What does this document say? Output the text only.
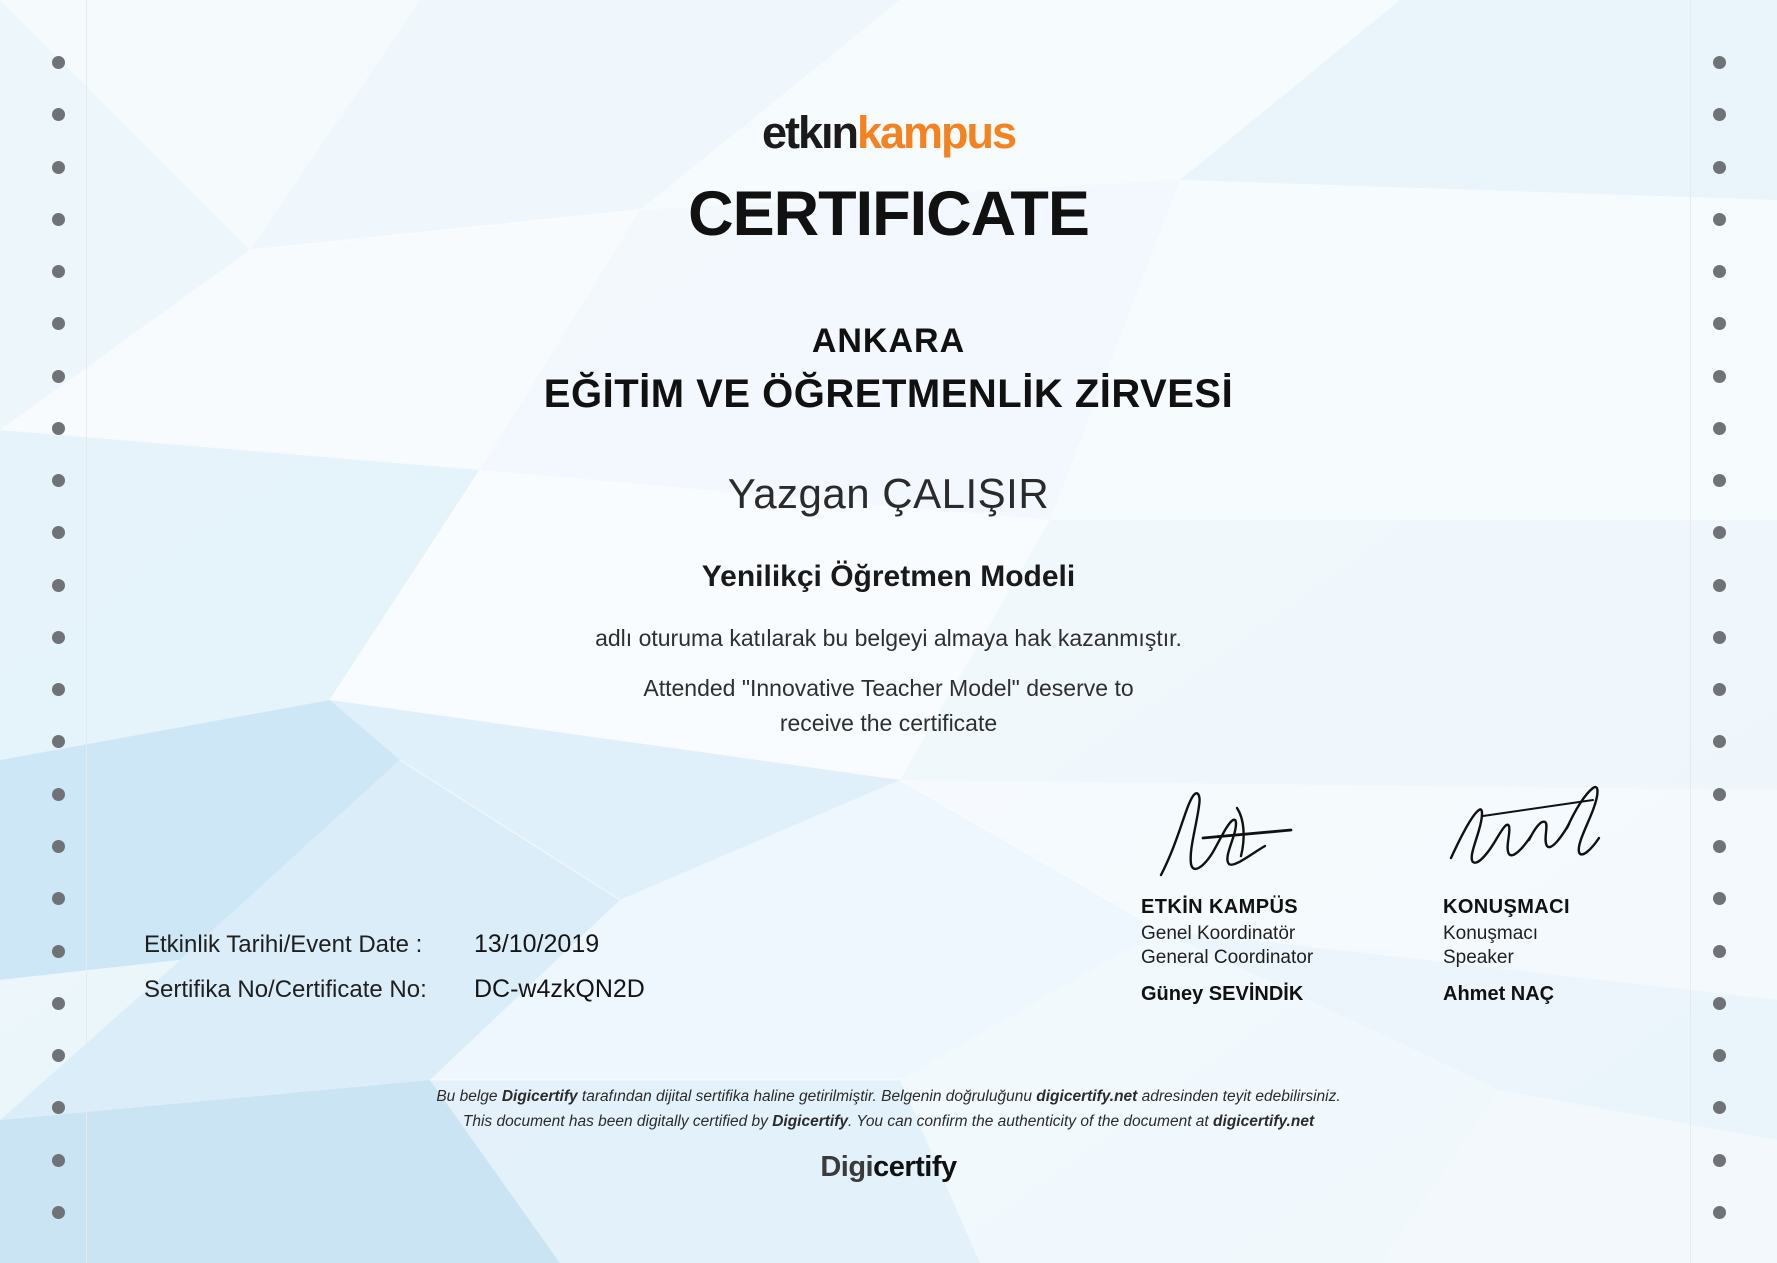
etkınkampus
CERTIFICATE
ANKARA
EĞİTİM VE ÖĞRETMENLİK ZİRVESİ
Yazgan ÇALIŞIR
Yenilikçi Öğretmen Modeli
adlı oturuma katılarak bu belgeyi almaya hak kazanmıştır.
Attended "Innovative Teacher Model" deserve to
receive the certificate
Etkinlik Tarihi/Event Date :	13/10/2019
Sertifika No/Certificate No:	DC-w4zkQN2D
ETKİN KAMPÜS
Genel Koordinatör
General Coordinator
Güney SEVİNDİK
KONUŞMACI
Konuşmacı
Speaker
Ahmet NAÇ
Bu belge Digicertify tarafından dijital sertifika haline getirilmiştir. Belgenin doğruluğunu digicertify.net adresinden teyit edebilirsiniz.
This document has been digitally certified by Digicertify. You can confirm the authenticity of the document at digicertify.net
Digicertify
